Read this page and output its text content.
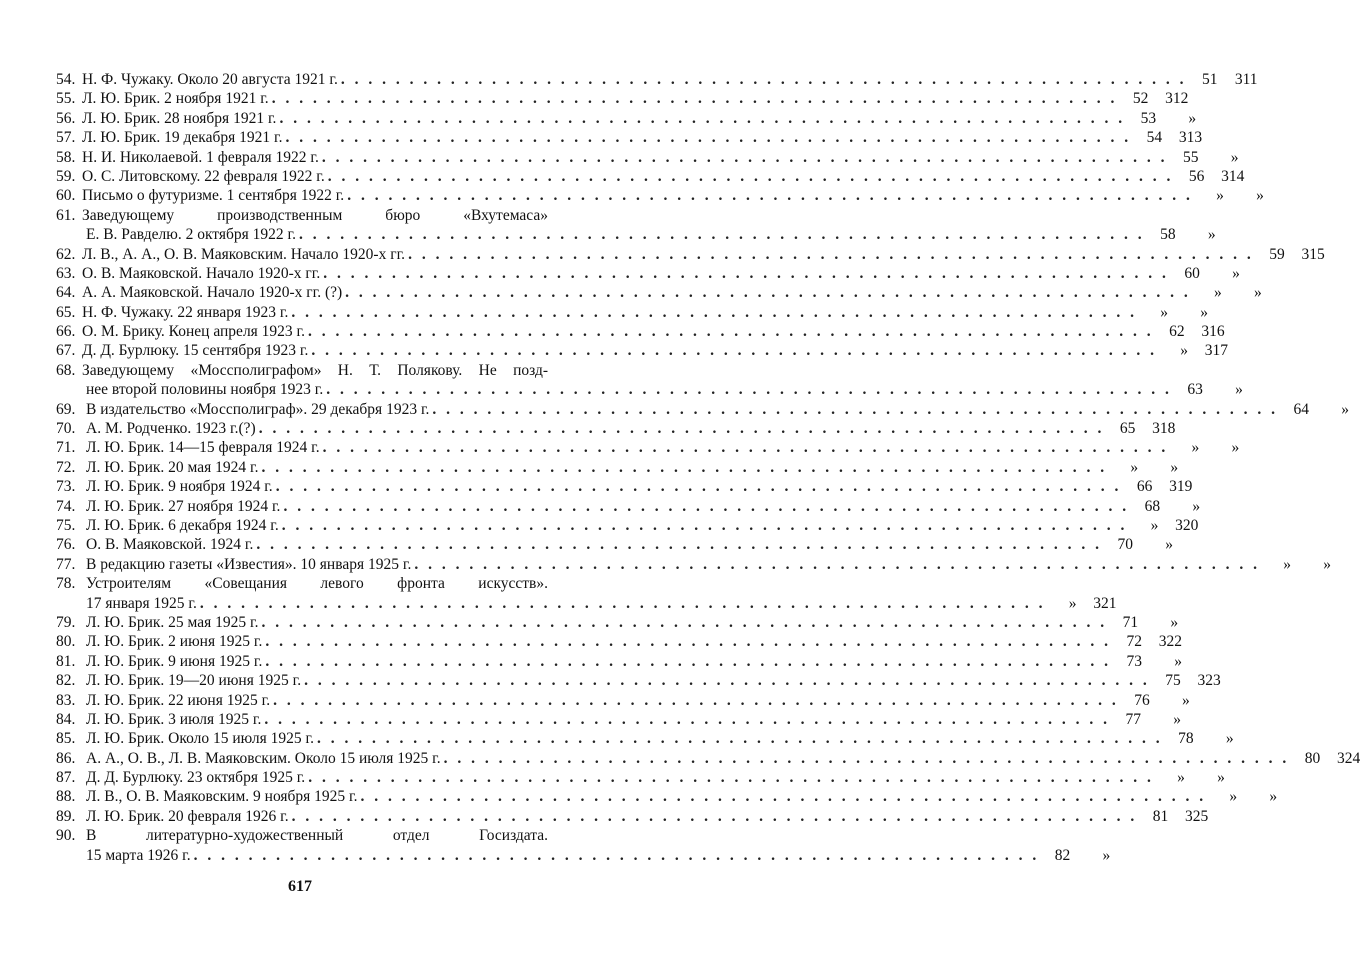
54. Н. Ф. Чужаку. Около 20 августа 1921 г. . . .	51	311
55. Л. Ю. Брик. 2 ноября 1921 г. . . .	52	312
56. Л. Ю. Брик. 28 ноября 1921 г. . . .	53	»
57. Л. Ю. Брик. 19 декабря 1921 г. . . .	54	313
58. Н. И. Николаевой. 1 февраля 1922 г. . . .	55	»
59. О. С. Литовскому. 22 февраля 1922 г. . . .	56	314
60. Письмо о футуризме. 1 сентября 1922 г. . . .	»	»
61. Заведующему производственным бюро «Вхутемаса»
Е. В. Равделю. 2 октября 1922 г. . . .	58	»
62. Л. В., А. А., О. В. Маяковским. Начало 1920-х гг. . . .	59	315
63. О. В. Маяковской. Начало 1920-х гг. . . .	60	»
64. А. А. Маяковской. Начало 1920-х гг. (?) . . .	»	»
65. Н. Ф. Чужаку. 22 января 1923 г. . . .	»	»
66. О. М. Брику. Конец апреля 1923 г. . . .	62	316
67. Д. Д. Бурлюку. 15 сентября 1923 г. . . .	»	317
68. Заведующему «Моссполиграфом» Н. Т. Полякову. Не позд-
нее второй половины ноября 1923 г. . . .	63	»
69. В издательство «Моссполиграф». 29 декабря 1923 г. . . .	64	»
70. А. М. Родченко. 1923 г.(?) . . .	65	318
71. Л. Ю. Брик. 14—15 февраля 1924 г. . . .	»	»
72. Л. Ю. Брик. 20 мая 1924 г. . . .	»	»
73. Л. Ю. Брик. 9 ноября 1924 г. . . .	66	319
74. Л. Ю. Брик. 27 ноября 1924 г. . . .	68	»
75. Л. Ю. Брик. 6 декабря 1924 г. . . .	»	320
76. О. В. Маяковской. 1924 г. . . .	70	»
77. В редакцию газеты «Известия». 10 января 1925 г. . . .	»	»
78. Устроителям «Совещания левого фронта искусств».
17 января 1925 г. . . .	»	321
79. Л. Ю. Брик. 25 мая 1925 г. . . .	71	»
80. Л. Ю. Брик. 2 июня 1925 г. . . .	72	322
81. Л. Ю. Брик. 9 июня 1925 г. . . .	73	»
82. Л. Ю. Брик. 19—20 июня 1925 г. . . .	75	323
83. Л. Ю. Брик. 22 июня 1925 г. . . .	76	»
84. Л. Ю. Брик. 3 июля 1925 г. . . .	77	»
85. Л. Ю. Брик. Около 15 июля 1925 г. . . .	78	»
86. А. А., О. В., Л. В. Маяковским. Около 15 июля 1925 г. . . .	80	324
87. Д. Д. Бурлюку. 23 октября 1925 г. . . .	»	»
88. Л. В., О. В. Маяковским. 9 ноября 1925 г. . . .	»	»
89. Л. Ю. Брик. 20 февраля 1926 г. . . .	81	325
90. В литературно-художественный отдел Госиздата.
15 марта 1926 г. . . .	82	»
617
